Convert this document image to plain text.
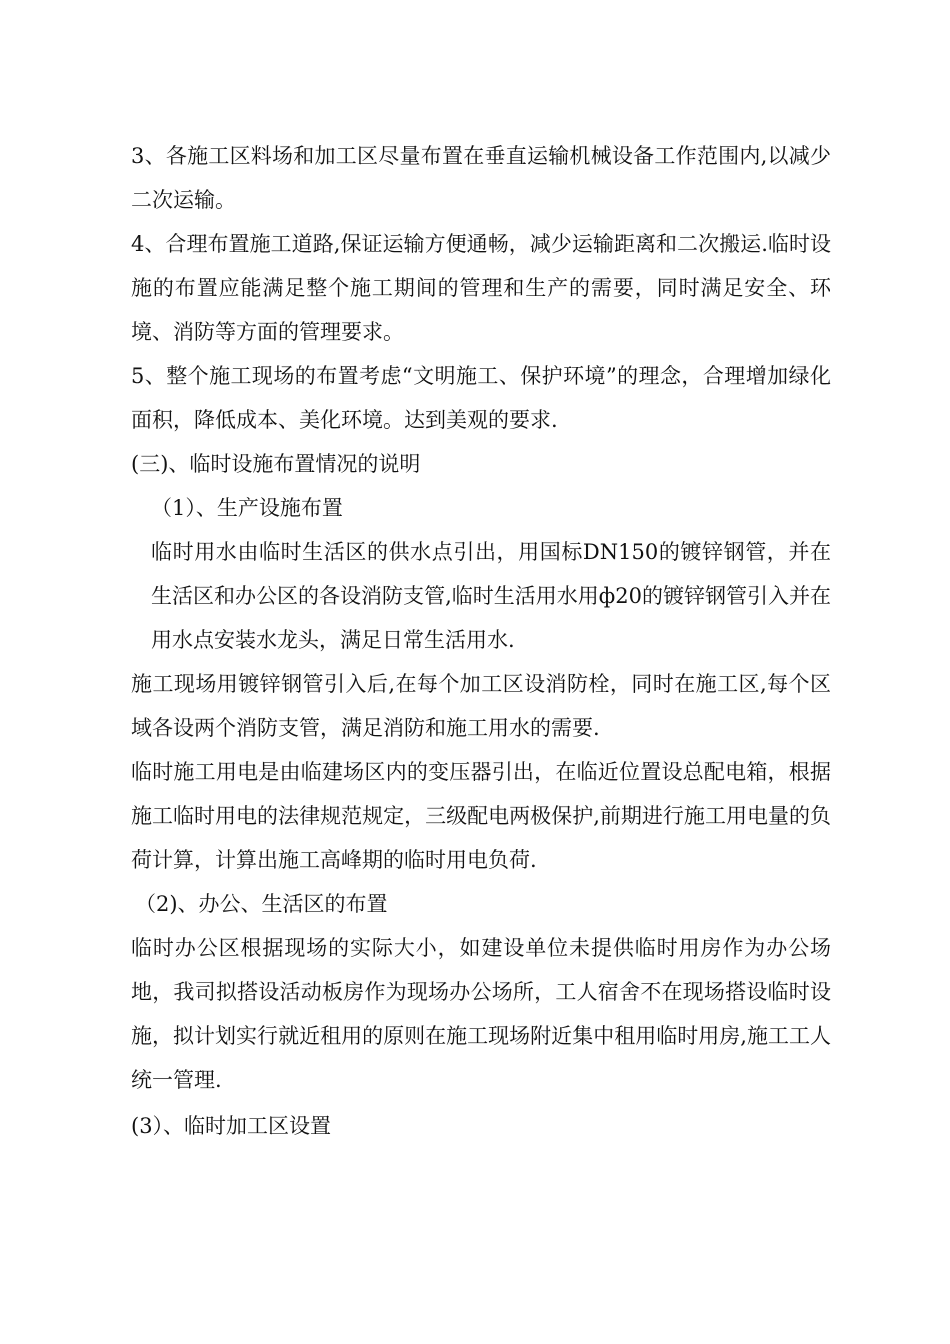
3、各施工区料场和加工区尽量布置在垂直运输机械设备工作范围内,以减少二次运输。

4、合理布置施工道路,保证运输方便通畅，减少运输距离和二次搬运.临时设施的布置应能满足整个施工期间的管理和生产的需要，同时满足安全、环境、消防等方面的管理要求。

5、整个施工现场的布置考虑“文明施工、保护环境”的理念，合理增加绿化面积，降低成本、美化环境。达到美观的要求.

(三)、临时设施布置情况的说明

（1）、生产设施布置

临时用水由临时生活区的供水点引出，用国标DN150的镀锌钢管，并在生活区和办公区的各设消防支管,临时生活用水用ф20的镀锌钢管引入并在用水点安装水龙头，满足日常生活用水.

施工现场用镀锌钢管引入后,在每个加工区设消防栓，同时在施工区,每个区域各设两个消防支管，满足消防和施工用水的需要.

临时施工用电是由临建场区内的变压器引出，在临近位置设总配电箱，根据施工临时用电的法律规范规定，三级配电两极保护,前期进行施工用电量的负荷计算，计算出施工高峰期的临时用电负荷.

（2)、办公、生活区的布置

临时办公区根据现场的实际大小，如建设单位未提供临时用房作为办公场地，我司拟搭设活动板房作为现场办公场所，工人宿舍不在现场搭设临时设施，拟计划实行就近租用的原则在施工现场附近集中租用临时用房,施工工人统一管理.

(3）、临时加工区设置
